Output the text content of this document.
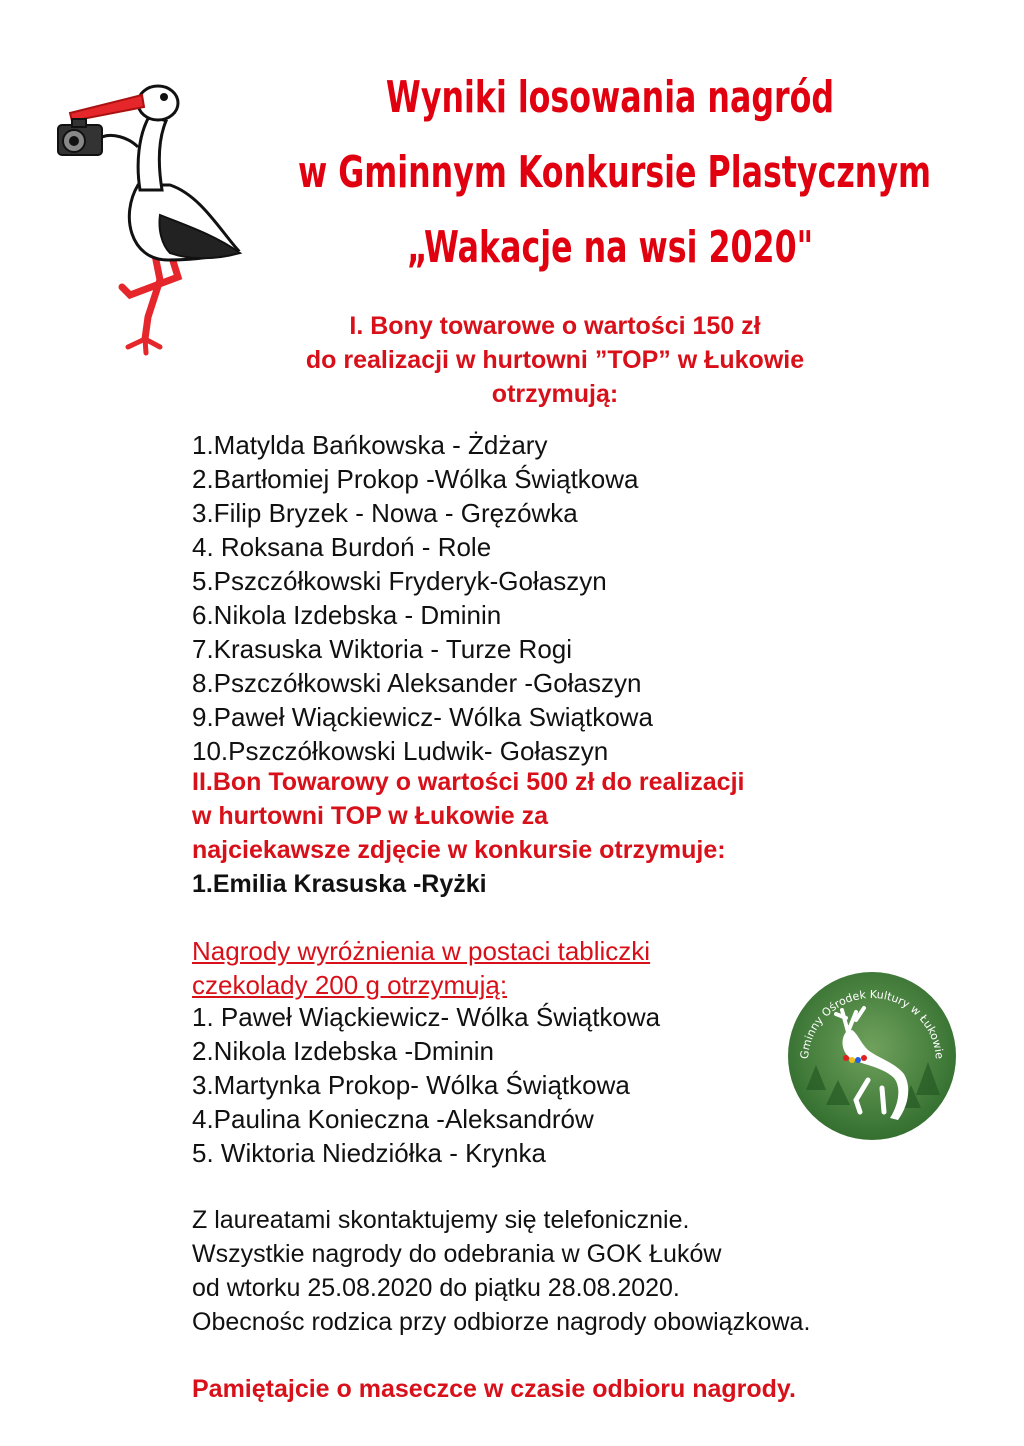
Wyniki losowania nagród
w Gminnym Konkursie Plastycznym
„Wakacje na wsi 2020"
I. Bony towarowe o wartości 150 zł
do realizacji w hurtowni ”TOP” w Łukowie
otrzymują:
1.Matylda Bańkowska - Żdżary
2.Bartłomiej Prokop -Wólka Świątkowa
3.Filip Bryzek - Nowa - Gręzówka
4. Roksana Burdoń - Role
5.Pszczółkowski Fryderyk-Gołaszyn
6.Nikola Izdebska - Dminin
7.Krasuska Wiktoria - Turze Rogi
8.Pszczółkowski Aleksander -Gołaszyn
9.Paweł Wiąckiewicz- Wólka Swiątkowa
10.Pszczółkowski Ludwik- Gołaszyn
II.Bon Towarowy o wartości 500 zł do realizacji
w hurtowni TOP w Łukowie za
najciekawsze zdjęcie w konkursie otrzymuje:
1.Emilia Krasuska -Ryżki
Nagrody wyróżnienia w postaci tabliczki
czekolady 200 g otrzymują:
1. Paweł Wiąckiewicz- Wólka Świątkowa
2.Nikola Izdebska -Dminin
3.Martynka Prokop- Wólka Świątkowa
4.Paulina Konieczna -Aleksandrów
5. Wiktoria Niedziółka - Krynka
Gminny Ośrodek Kultury w Łukowie
Z laureatami skontaktujemy się telefonicznie.
Wszystkie nagrody do odebrania w GOK Łuków
od wtorku 25.08.2020 do piątku 28.08.2020.
Obecnośc rodzica przy odbiorze nagrody obowiązkowa.
Pamiętajcie o maseczce w czasie odbioru nagrody.
